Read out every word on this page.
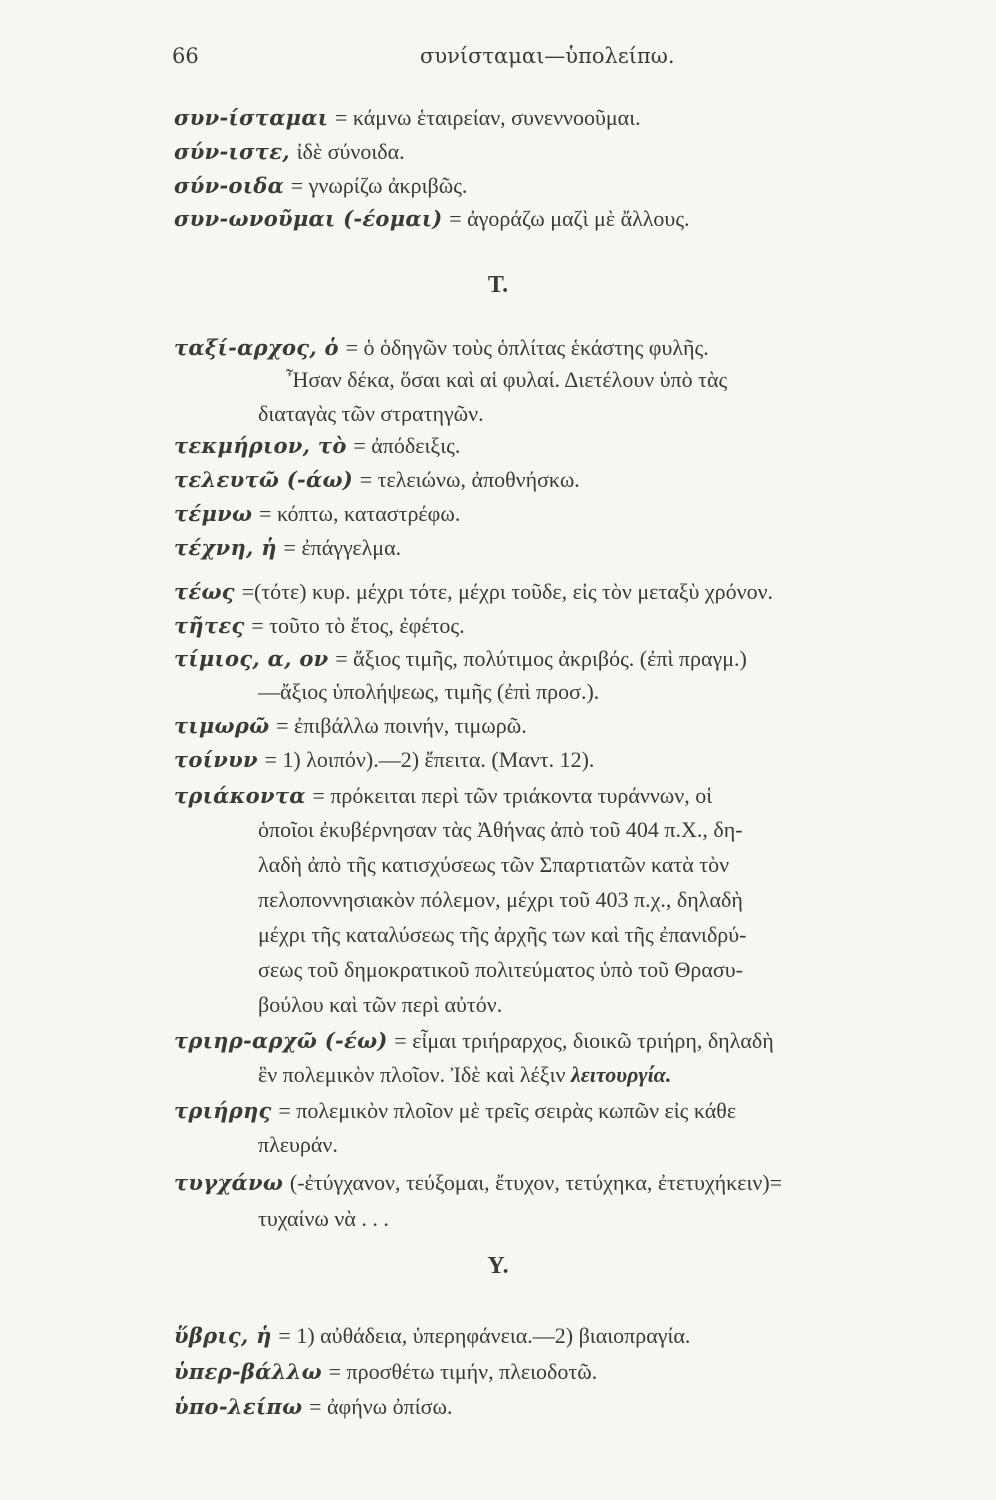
66	συνίσταμαι—ὑπολείπω.
συν-ίσταμαι = κάμνω ἑταιρείαν, συνεννοοῦμαι.
σύν-ιστε, ἰδὲ σύνοιδα.
σύν-οιδα = γνωρίζω ἀκριβῶς.
συν-ωνοῦμαι (-έομαι) = ἀγοράζω μαζὶ μὲ ἄλλους.
Τ.
ταξί-αρχος, ὁ = ὁ ὁδηγῶν τοὺς ὁπλίτας ἑκάστης φυλῆς.
Ἦσαν δέκα, ὅσαι καὶ αἱ φυλαί. Διετέλουν ὑπὸ τὰς
διαταγὰς τῶν στρατηγῶν.
τεκμήριον, τὸ = ἀπόδειξις.
τελευτῶ (-άω) = τελειώνω, ἀποθνήσκω.
τέμνω = κόπτω, καταστρέφω.
τέχνη, ἡ = ἐπάγγελμα.
τέως =(τότε) κυρ. μέχρι τότε, μέχρι τοῦδε, εἰς τὸν μεταξὺ χρόνον.
τῆτες = τοῦτο τὸ ἔτος, ἐφέτος.
τίμιος, α, ον = ἄξιος τιμῆς, πολύτιμος ἀκριβός. (ἐπὶ πραγμ.)
—ἄξιος ὑπολήψεως, τιμῆς (ἐπὶ προσ.).
τιμωρῶ = ἐπιβάλλω ποινήν, τιμωρῶ.
τοίνυν = 1) λοιπόν).—2) ἔπειτα. (Μαντ. 12).
τριάκοντα = πρόκειται περὶ τῶν τριάκοντα τυράννων, οἱ
ὁποῖοι ἐκυβέρνησαν τὰς Ἀθήνας ἀπὸ τοῦ 404 π.Χ., δη-
λαδὴ ἀπὸ τῆς κατισχύσεως τῶν Σπαρτιατῶν κατὰ τὸν
πελοποννησιακὸν πόλεμον, μέχρι τοῦ 403 π.χ., δηλαδὴ
μέχρι τῆς καταλύσεως τῆς ἀρχῆς των καὶ τῆς ἐπανιδρύ-
σεως τοῦ δημοκρατικοῦ πολιτεύματος ὑπὸ τοῦ Θρασυ-
βούλου καὶ τῶν περὶ αὐτόν.
τριηρ-αρχῶ (-έω) = εἶμαι τριήραρχος, διοικῶ τριήρη, δηλαδὴ
ἓν πολεμικὸν πλοῖον. Ἰδὲ καὶ λέξιν λειτουργία.
τριήρης = πολεμικὸν πλοῖον μὲ τρεῖς σειρὰς κωπῶν εἰς κάθε
πλευράν.
τυγχάνω (-ἐτύγχανον, τεύξομαι, ἔτυχον, τετύχηκα, ἐτετυχήκειν)=
τυχαίνω νὰ . . .
Υ.
ὕβρις, ἡ = 1) αὐθάδεια, ὑπερηφάνεια.—2) βιαιοπραγία.
ὑπερ-βάλλω = προσθέτω τιμήν, πλειοδοτῶ.
ὑπο-λείπω = ἀφήνω ὀπίσω.
